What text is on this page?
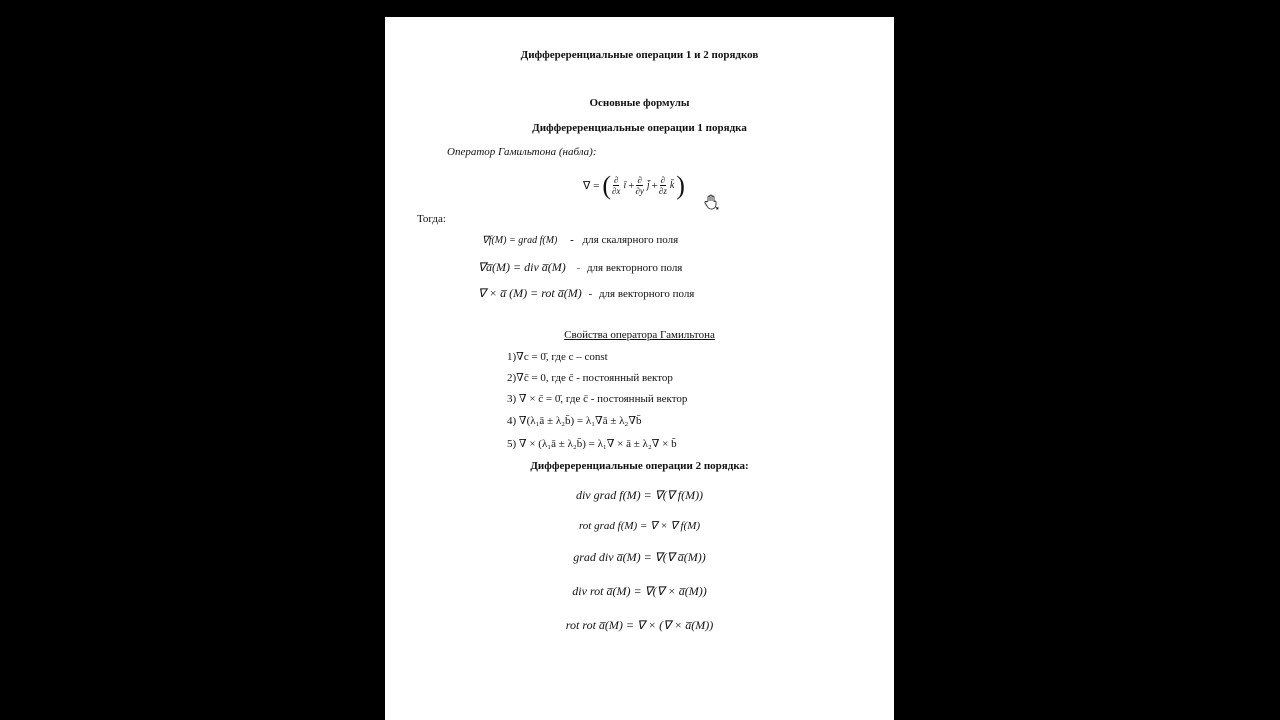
Диффереренциальные операции 1 и 2 порядков
Основные формулы
Диффереренциальные операции 1 порядка
Оператор Гамильтона (набла):
∇ = ( $\frac{\partial}{\partial x}$ ī + $\frac{\partial}{\partial y}$ j̄ + $\frac{\partial}{\partial z}$ k̄ )
Тогда:
∇f(M) = grad f(M) - для скалярного поля
∇a̅(M) = div a̅(M) - для векторного поля
∇ × a̅ (M) = rot a̅(M) - для векторного поля
Свойства оператора Гамильтона
1)∇c = 0̄, где c – const
2)∇c̄ = 0, где c̄ - постоянный вектор
3) ∇ × c̄ = 0̄, где c̄ - постоянный вектор
4) ∇(λ₁ā ± λ₂b̄) = λ₁∇ā ± λ₂∇b̄
5) ∇ × (λ₁ā ± λ₂b̄) = λ₁∇ × ā ± λ₂∇ × b̄
Диффереренциальные операции 2 порядка:
div grad f(M) = ∇(∇ f(M))
rot grad f(M) = ∇ × ∇ f(M)
grad div a̅(M) = ∇(∇ a̅(M))
div rot a̅(M) = ∇(∇ × a̅(M))
rot rot a̅(M) = ∇ × (∇ × a̅(M))
